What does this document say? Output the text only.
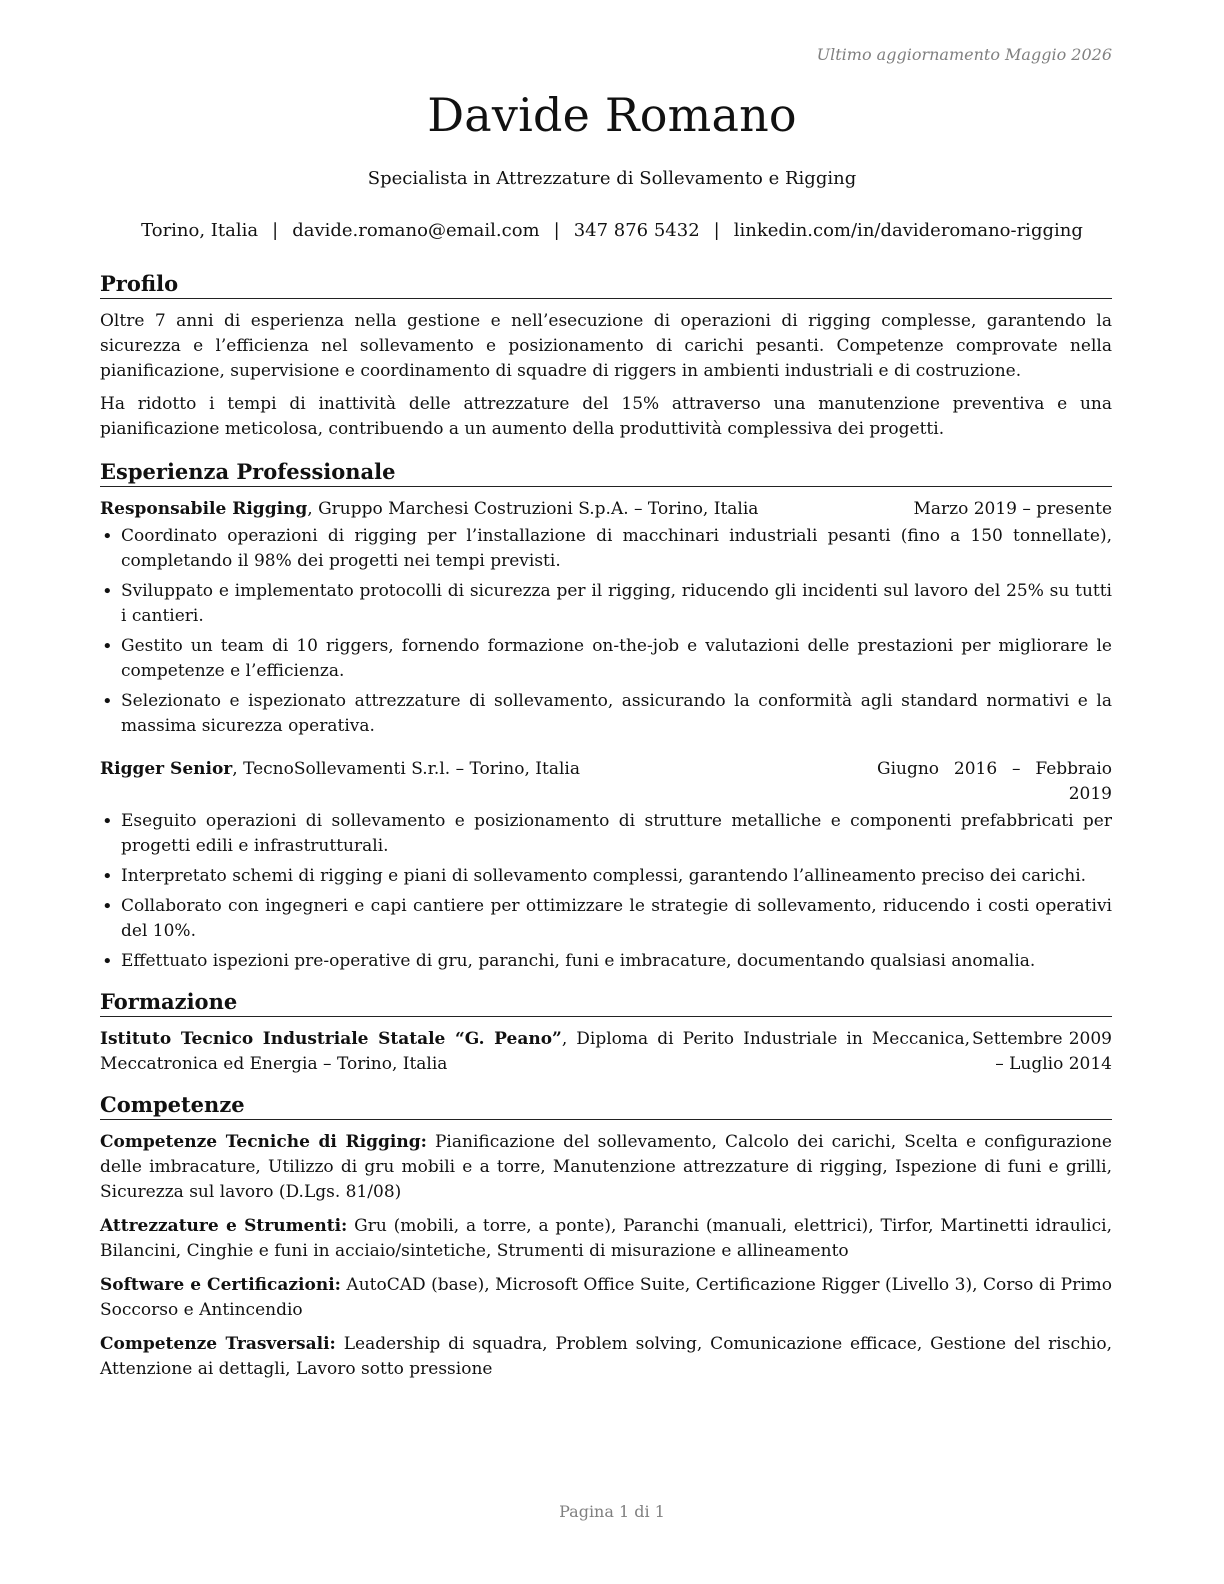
Ultimo aggiornamento Maggio 2026
Davide Romano
Specialista in Attrezzature di Sollevamento e Rigging
Torino, Italia | davide.romano@email.com | 347 876 5432 | linkedin.com/in/davideromano-rigging
Profilo

Oltre 7 anni di esperienza nella gestione e nell’esecuzione di operazioni di rigging complesse, garantendo la sicurezza e l’efficienza nel sollevamento e posizionamento di carichi pesanti. Competenze comprovate nella pianificazione, supervisione e coordinamento di squadre di riggers in ambienti industriali e di costruzione.

Ha ridotto i tempi di inattività delle attrezzature del 15% attraverso una manutenzione preventiva e una pianificazione meticolosa, contribuendo a un aumento della produttività complessiva dei progetti.

Esperienza Professionale
Responsabile Rigging, Gruppo Marchesi Costruzioni S.p.A. – Torino, Italia	Marzo 2019 – presente
• Coordinato operazioni di rigging per l’installazione di macchinari industriali pesanti (fino a 150 tonnellate), completando il 98% dei progetti nei tempi previsti.
• Sviluppato e implementato protocolli di sicurezza per il rigging, riducendo gli incidenti sul lavoro del 25% su tutti i cantieri.
• Gestito un team di 10 riggers, fornendo formazione on-the-job e valutazioni delle prestazioni per migliorare le competenze e l’efficienza.
• Selezionato e ispezionato attrezzature di sollevamento, assicurando la conformità agli standard normativi e la massima sicurezza operativa.
Rigger Senior, TecnoSollevamenti S.r.l. – Torino, Italia	Giugno 2016 – Febbraio 2019
• Eseguito operazioni di sollevamento e posizionamento di strutture metalliche e componenti prefabbricati per progetti edili e infrastrutturali.
• Interpretato schemi di rigging e piani di sollevamento complessi, garantendo l’allineamento preciso dei carichi.
• Collaborato con ingegneri e capi cantiere per ottimizzare le strategie di sollevamento, riducendo i costi operativi del 10%.
• Effettuato ispezioni pre-operative di gru, paranchi, funi e imbracature, documentando qualsiasi anomalia.
Formazione
Istituto Tecnico Industriale Statale “G. Peano”, Diploma di Perito Industriale in Meccanica, Meccatronica ed Energia – Torino, Italia
Settembre 2009 – Luglio 2014
Competenze

Competenze Tecniche di Rigging: Pianificazione del sollevamento, Calcolo dei carichi, Scelta e configurazione delle imbracature, Utilizzo di gru mobili e a torre, Manutenzione attrezzature di rigging, Ispezione di funi e grilli, Sicurezza sul lavoro (D.Lgs. 81/08)

Attrezzature e Strumenti: Gru (mobili, a torre, a ponte), Paranchi (manuali, elettrici), Tirfor, Martinetti idraulici, Bilancini, Cinghie e funi in acciaio/sintetiche, Strumenti di misurazione e allineamento

Software e Certificazioni: AutoCAD (base), Microsoft Office Suite, Certificazione Rigger (Livello 3), Corso di Primo Soccorso e Antincendio

Competenze Trasversali: Leadership di squadra, Problem solving, Comunicazione efficace, Gestione del rischio, Attenzione ai dettagli, Lavoro sotto pressione

Pagina 1 di 1
